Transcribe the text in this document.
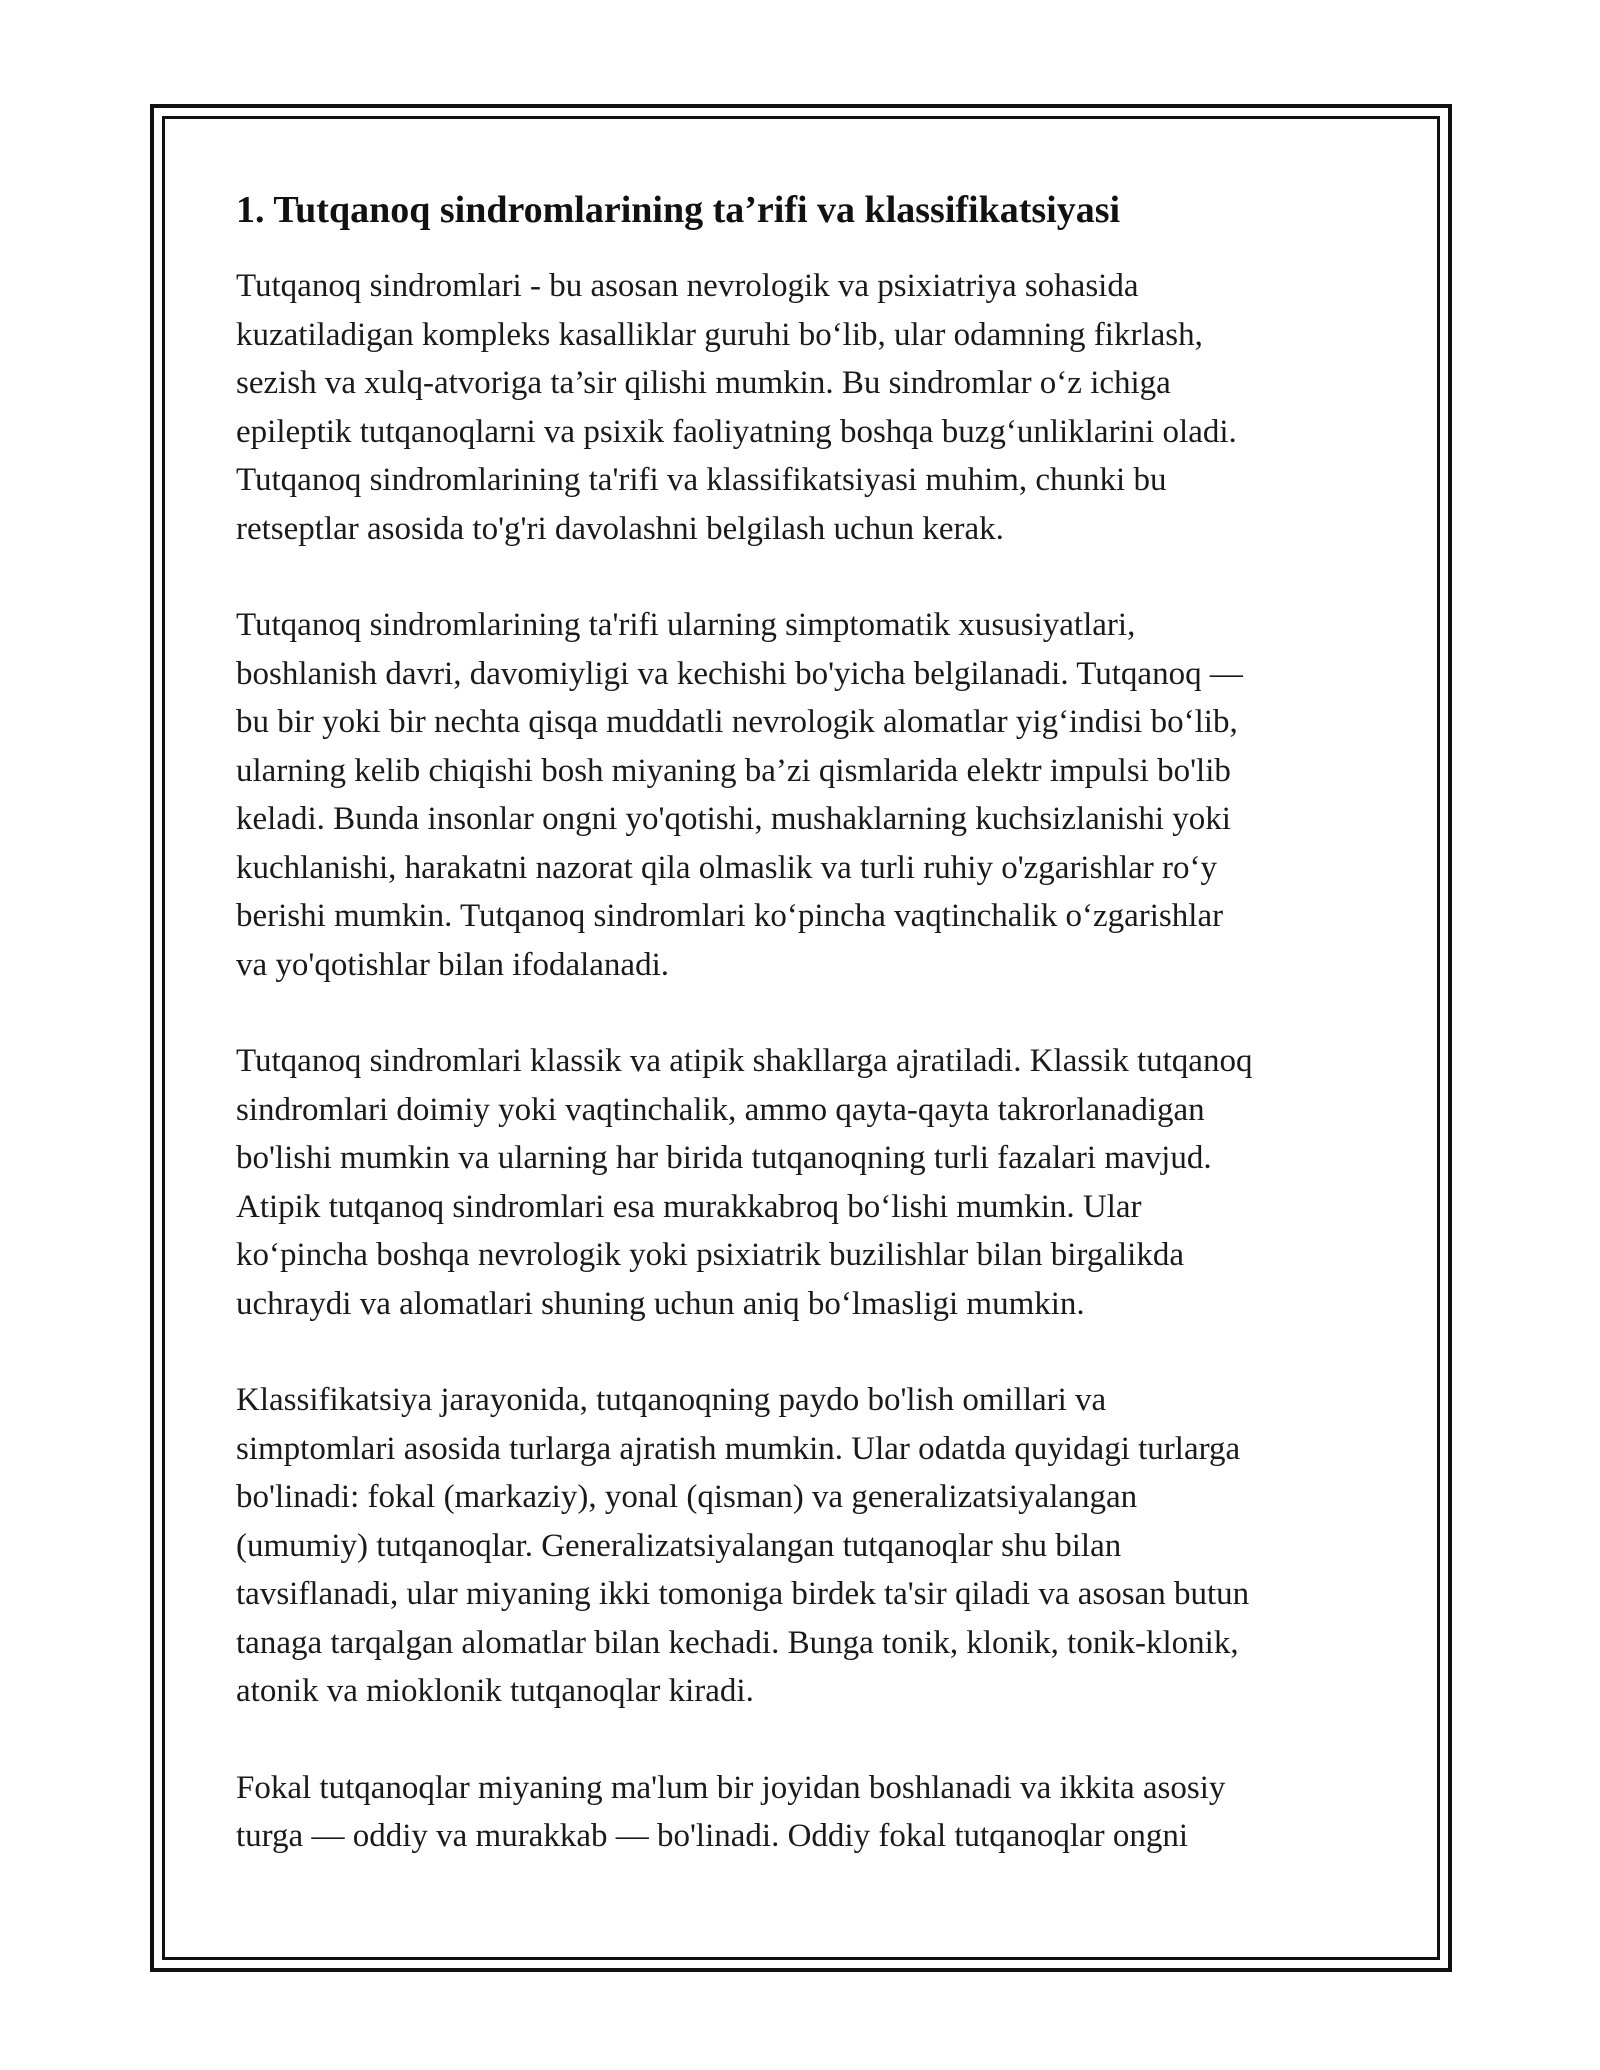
1. Tutqanoq sindromlarining ta’rifi va klassifikatsiyasi

Tutqanoq sindromlari - bu asosan nevrologik va psixiatriya sohasida
kuzatiladigan kompleks kasalliklar guruhi bo‘lib, ular odamning fikrlash,
sezish va xulq-atvoriga ta’sir qilishi mumkin. Bu sindromlar o‘z ichiga
epileptik tutqanoqlarni va psixik faoliyatning boshqa buzg‘unliklarini oladi.
Tutqanoq sindromlarining ta'rifi va klassifikatsiyasi muhim, chunki bu
retseptlar asosida to'g'ri davolashni belgilash uchun kerak.

Tutqanoq sindromlarining ta'rifi ularning simptomatik xususiyatlari,
boshlanish davri, davomiyligi va kechishi bo'yicha belgilanadi. Tutqanoq —
bu bir yoki bir nechta qisqa muddatli nevrologik alomatlar yig‘indisi bo‘lib,
ularning kelib chiqishi bosh miyaning ba’zi qismlarida elektr impulsi bo'lib
keladi. Bunda insonlar ongni yo'qotishi, mushaklarning kuchsizlanishi yoki
kuchlanishi, harakatni nazorat qila olmaslik va turli ruhiy o'zgarishlar ro‘y
berishi mumkin. Tutqanoq sindromlari ko‘pincha vaqtinchalik o‘zgarishlar
va yo'qotishlar bilan ifodalanadi.

Tutqanoq sindromlari klassik va atipik shakllarga ajratiladi. Klassik tutqanoq
sindromlari doimiy yoki vaqtinchalik, ammo qayta-qayta takrorlanadigan
bo'lishi mumkin va ularning har birida tutqanoqning turli fazalari mavjud.
Atipik tutqanoq sindromlari esa murakkabroq bo‘lishi mumkin. Ular
ko‘pincha boshqa nevrologik yoki psixiatrik buzilishlar bilan birgalikda
uchraydi va alomatlari shuning uchun aniq bo‘lmasligi mumkin.

Klassifikatsiya jarayonida, tutqanoqning paydo bo'lish omillari va
simptomlari asosida turlarga ajratish mumkin. Ular odatda quyidagi turlarga
bo'linadi: fokal (markaziy), yonal (qisman) va generalizatsiyalangan
(umumiy) tutqanoqlar. Generalizatsiyalangan tutqanoqlar shu bilan
tavsiflanadi, ular miyaning ikki tomoniga birdek ta'sir qiladi va asosan butun
tanaga tarqalgan alomatlar bilan kechadi. Bunga tonik, klonik, tonik-klonik,
atonik va mioklonik tutqanoqlar kiradi.

Fokal tutqanoqlar miyaning ma'lum bir joyidan boshlanadi va ikkita asosiy
turga — oddiy va murakkab — bo'linadi. Oddiy fokal tutqanoqlar ongni
